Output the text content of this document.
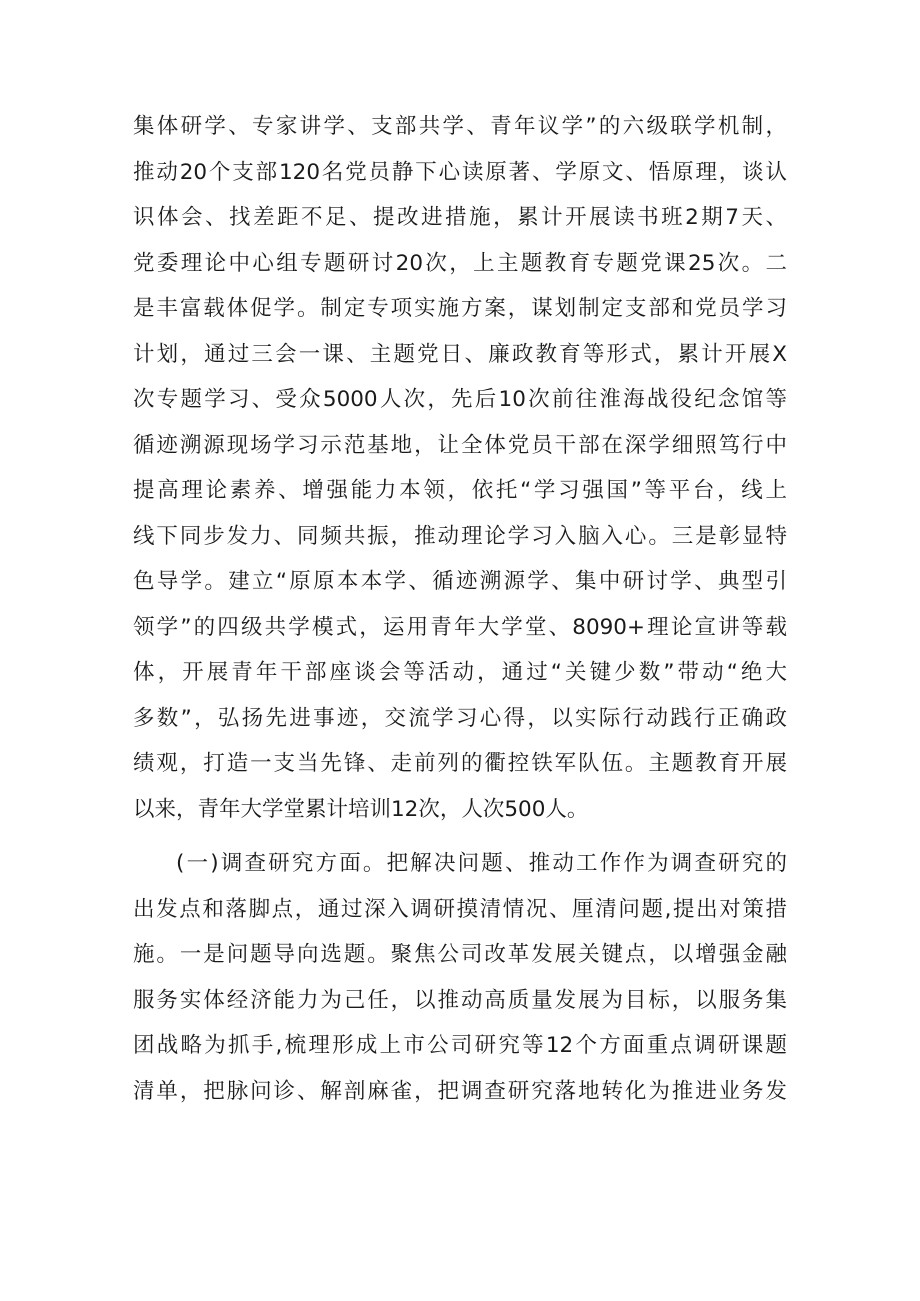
集体研学、专家讲学、支部共学、青年议学”的六级联学机制，
推动20个支部120名党员静下心读原著、学原文、悟原理，谈认
识体会、找差距不足、提改进措施，累计开展读书班2期7天、
党委理论中心组专题研讨20次，上主题教育专题党课25次。二
是丰富载体促学。制定专项实施方案，谋划制定支部和党员学习
计划，通过三会一课、主题党日、廉政教育等形式，累计开展X
次专题学习、受众5000人次，先后10次前往淮海战役纪念馆等
循迹溯源现场学习示范基地，让全体党员干部在深学细照笃行中
提高理论素养、增强能力本领，依托“学习强国”等平台，线上
线下同步发力、同频共振，推动理论学习入脑入心。三是彰显特
色导学。建立“原原本本学、循迹溯源学、集中研讨学、典型引
领学”的四级共学模式，运用青年大学堂、8090+理论宣讲等载
体，开展青年干部座谈会等活动，通过“关键少数”带动“绝大
多数”，弘扬先进事迹，交流学习心得，以实际行动践行正确政
绩观，打造一支当先锋、走前列的衢控铁军队伍。主题教育开展
以来，青年大学堂累计培训12次，人次500人。
(一)调查研究方面。把解决问题、推动工作作为调查研究的
出发点和落脚点，通过深入调研摸清情况、厘清问题,提出对策措
施。一是问题导向选题。聚焦公司改革发展关键点，以增强金融
服务实体经济能力为己任，以推动高质量发展为目标，以服务集
团战略为抓手,梳理形成上市公司研究等12个方面重点调研课题
清单，把脉问诊、解剖麻雀，把调查研究落地转化为推进业务发
